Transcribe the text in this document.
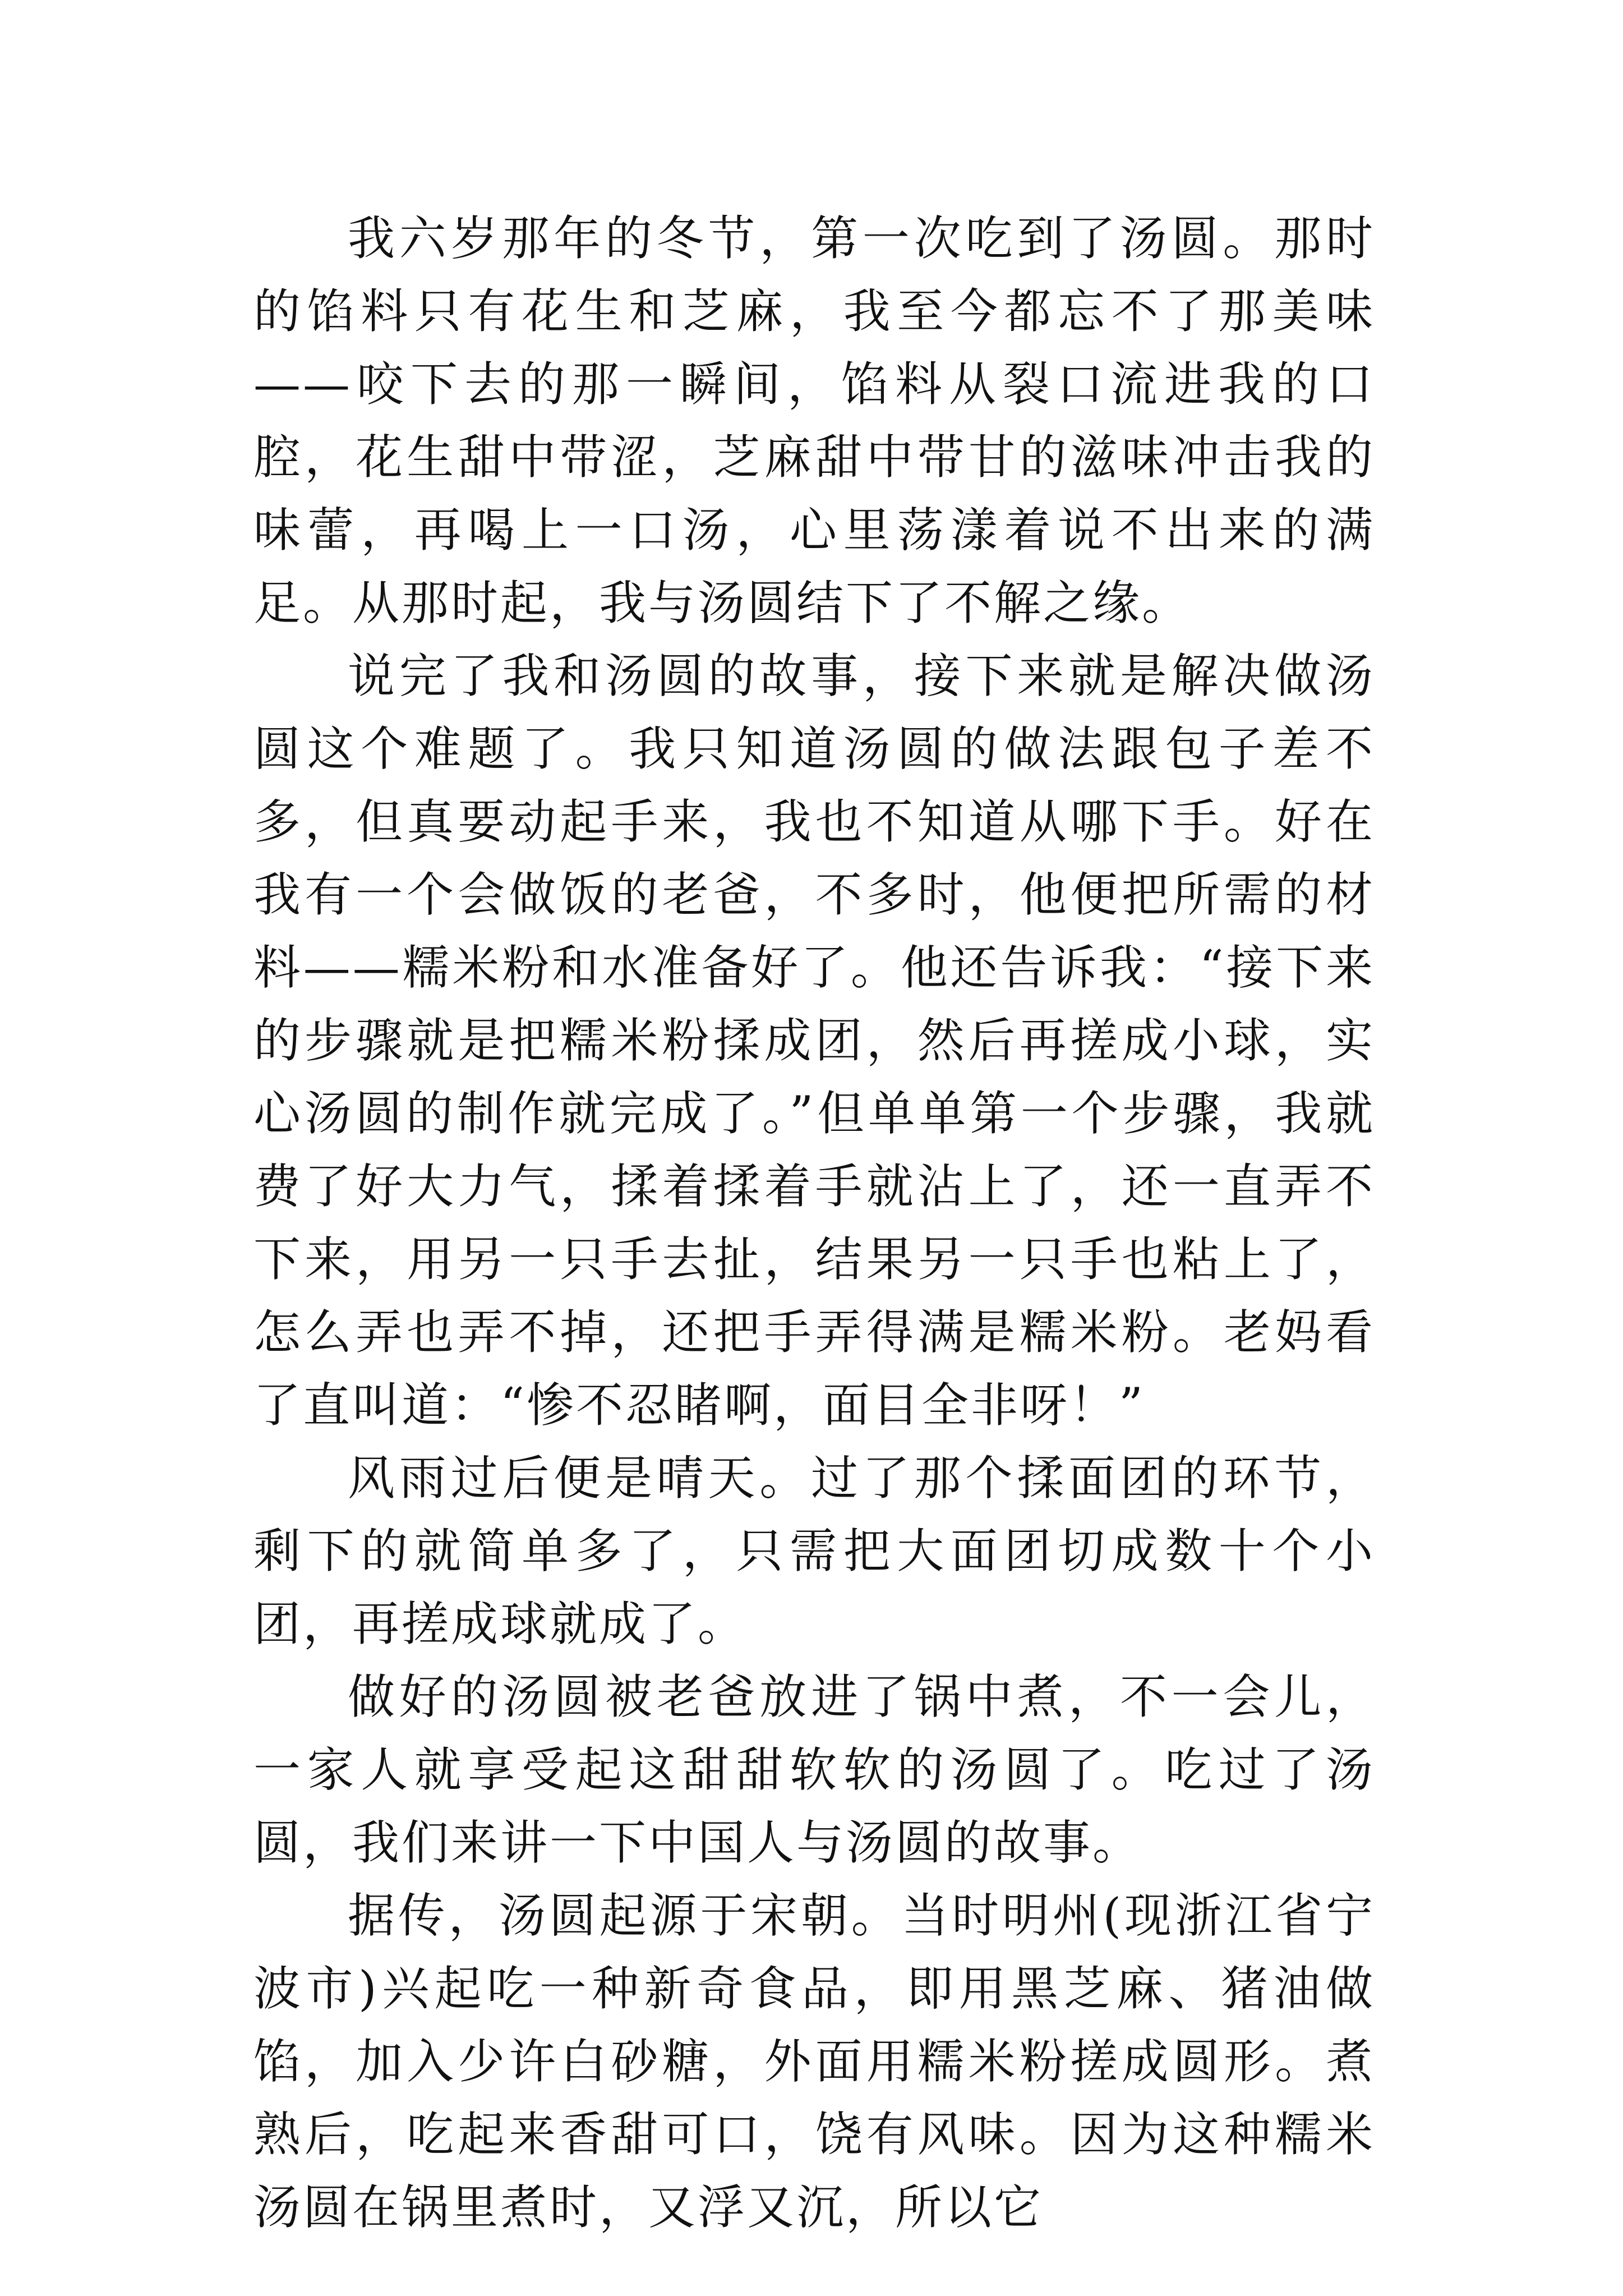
我六岁那年的冬节，第一次吃到了汤圆。那时的馅料只有花生和芝麻，我至今都忘不了那美味——咬下去的那一瞬间，馅料从裂口流进我的口腔，花生甜中带涩，芝麻甜中带甘的滋味冲击我的味蕾，再喝上一口汤，心里荡漾着说不出来的满足。从那时起，我与汤圆结下了不解之缘。

说完了我和汤圆的故事，接下来就是解决做汤圆这个难题了。我只知道汤圆的做法跟包子差不多，但真要动起手来，我也不知道从哪下手。好在我有一个会做饭的老爸，不多时，他便把所需的材料——糯米粉和水准备好了。他还告诉我：“接下来的步骤就是把糯米粉揉成团，然后再搓成小球，实心汤圆的制作就完成了。”但单单第一个步骤，我就费了好大力气，揉着揉着手就沾上了，还一直弄不下来，用另一只手去扯，结果另一只手也粘上了，怎么弄也弄不掉，还把手弄得满是糯米粉。老妈看了直叫道：“惨不忍睹啊，面目全非呀！”

风雨过后便是晴天。过了那个揉面团的环节，剩下的就简单多了，只需把大面团切成数十个小团，再搓成球就成了。

做好的汤圆被老爸放进了锅中煮，不一会儿，一家人就享受起这甜甜软软的汤圆了。吃过了汤圆，我们来讲一下中国人与汤圆的故事。

据传，汤圆起源于宋朝。当时明州(现浙江省宁波市)兴起吃一种新奇食品，即用黑芝麻、猪油做馅，加入少许白砂糖，外面用糯米粉搓成圆形。煮熟后，吃起来香甜可口，饶有风味。因为这种糯米汤圆在锅里煮时，又浮又沉，所以它
